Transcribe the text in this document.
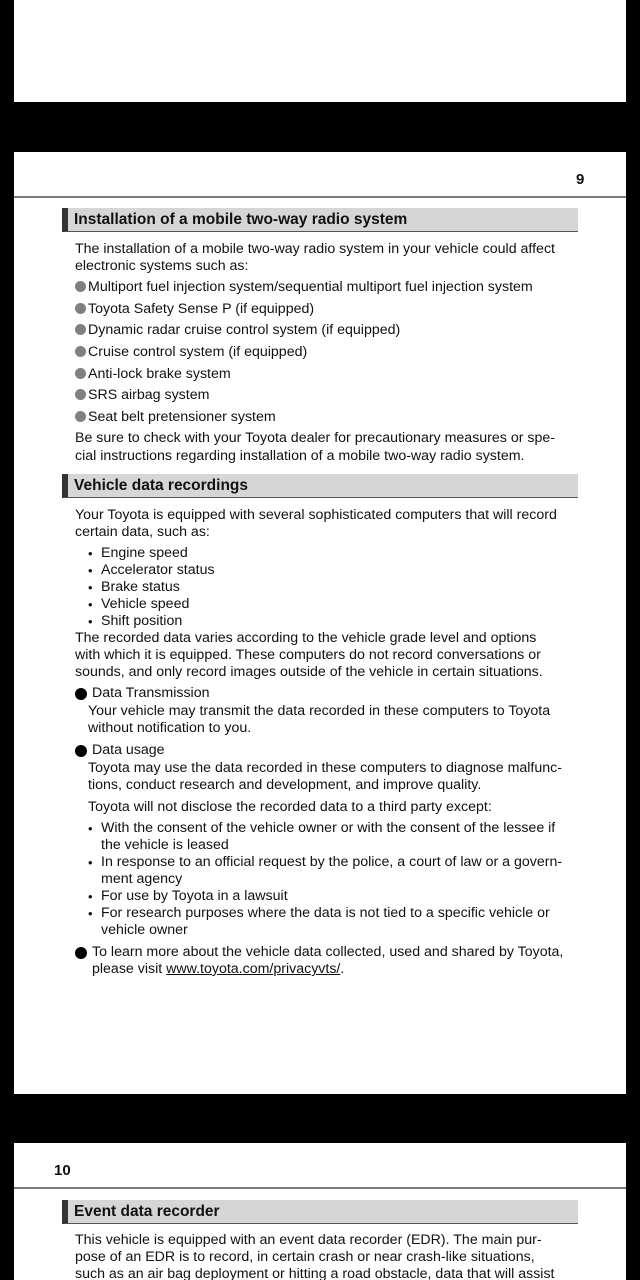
9
Installation of a mobile two-way radio system
The installation of a mobile two-way radio system in your vehicle could affect
electronic systems such as:
Multiport fuel injection system/sequential multiport fuel injection system
Toyota Safety Sense P (if equipped)
Dynamic radar cruise control system (if equipped)
Cruise control system (if equipped)
Anti-lock brake system
SRS airbag system
Seat belt pretensioner system
Be sure to check with your Toyota dealer for precautionary measures or spe-
cial instructions regarding installation of a mobile two-way radio system.
Vehicle data recordings
Your Toyota is equipped with several sophisticated computers that will record
certain data, such as:
• Engine speed
• Accelerator status
• Brake status
• Vehicle speed
• Shift position
The recorded data varies according to the vehicle grade level and options
with which it is equipped. These computers do not record conversations or
sounds, and only record images outside of the vehicle in certain situations.
Data Transmission
Your vehicle may transmit the data recorded in these computers to Toyota
without notification to you.
Data usage
Toyota may use the data recorded in these computers to diagnose malfunc-
tions, conduct research and development, and improve quality.
Toyota will not disclose the recorded data to a third party except:
• With the consent of the vehicle owner or with the consent of the lessee if
the vehicle is leased
• In response to an official request by the police, a court of law or a govern-
ment agency
• For use by Toyota in a lawsuit
• For research purposes where the data is not tied to a specific vehicle or
vehicle owner
To learn more about the vehicle data collected, used and shared by Toyota,
please visit www.toyota.com/privacyvts/.
10
Event data recorder
This vehicle is equipped with an event data recorder (EDR). The main pur-
pose of an EDR is to record, in certain crash or near crash-like situations,
such as an air bag deployment or hitting a road obstacle, data that will assist
